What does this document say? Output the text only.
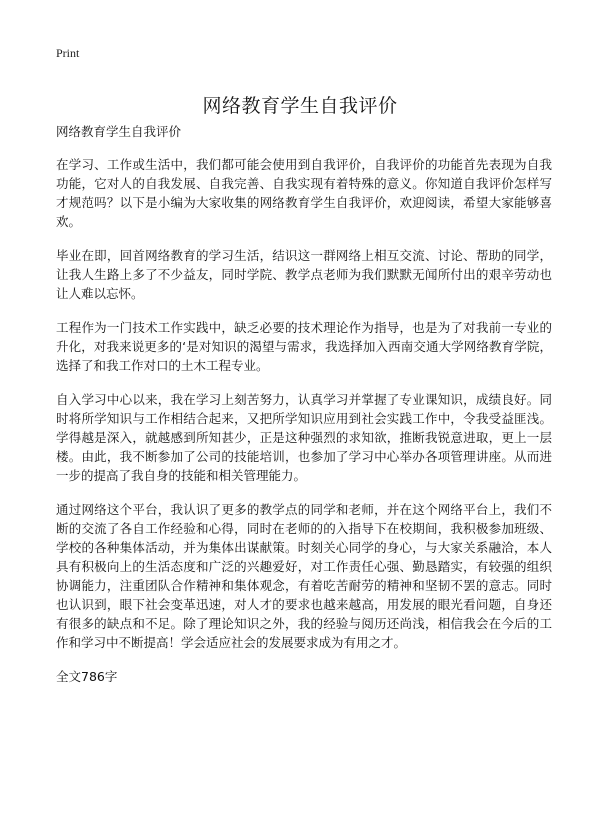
Print
网络教育学生自我评价

网络教育学生自我评价

在学习、工作或生活中，我们都可能会使用到自我评价，自我评价的功能首先表现为自我功能，它对人的自我发展、自我完善、自我实现有着特殊的意义。你知道自我评价怎样写才规范吗？以下是小编为大家收集的网络教育学生自我评价，欢迎阅读，希望大家能够喜欢。

毕业在即，回首网络教育的学习生活，结识这一群网络上相互交流、讨论、帮助的同学，让我人生路上多了不少益友，同时学院、教学点老师为我们默默无闻所付出的艰辛劳动也让人难以忘怀。

工程作为一门技术工作实践中，缺乏必要的技术理论作为指导，也是为了对我前一专业的升化，对我来说更多的‘是对知识的渴望与需求，我选择加入西南交通大学网络教育学院，选择了和我工作对口的土木工程专业。

自入学习中心以来，我在学习上刻苦努力，认真学习并掌握了专业课知识，成绩良好。同时将所学知识与工作相结合起来，又把所学知识应用到社会实践工作中，令我受益匪浅。学得越是深入，就越感到所知甚少，正是这种强烈的求知欲，推断我锐意进取，更上一层楼。由此，我不断参加了公司的技能培训，也参加了学习中心举办各项管理讲座。从而进一步的提高了我自身的技能和相关管理能力。

通过网络这个平台，我认识了更多的教学点的同学和老师，并在这个网络平台上，我们不断的交流了各自工作经验和心得，同时在老师的的入指导下在校期间，我积极参加班级、学校的各种集体活动，并为集体出谋献策。时刻关心同学的身心，与大家关系融洽，本人具有积极向上的生活态度和广泛的兴趣爱好，对工作责任心强、勤恳踏实，有较强的组织协调能力，注重团队合作精神和集体观念，有着吃苦耐劳的精神和坚韧不罢的意志。同时也认识到，眼下社会变革迅速，对人才的要求也越来越高，用发展的眼光看问题，自身还有很多的缺点和不足。除了理论知识之外，我的经验与阅历还尚浅，相信我会在今后的工作和学习中不断提高！学会适应社会的发展要求成为有用之才。

全文786字
